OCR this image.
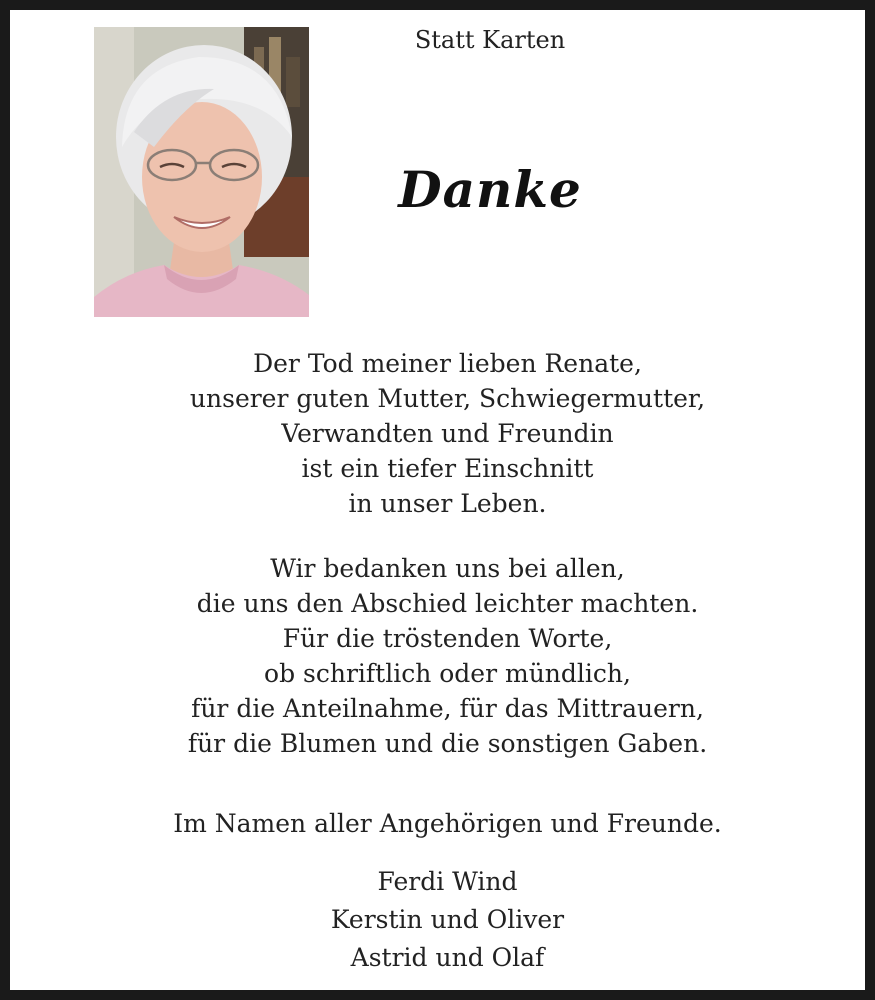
Statt Karten
Danke
Der Tod meiner lieben Renate,
unserer guten Mutter, Schwiegermutter,
Verwandten und Freundin
ist ein tiefer Einschnitt
in unser Leben.
Wir bedanken uns bei allen,
die uns den Abschied leichter machten.
Für die tröstenden Worte,
ob schriftlich oder mündlich,
für die Anteilnahme, für das Mittrauern,
für die Blumen und die sonstigen Gaben.
Im Namen aller Angehörigen und Freunde.
Ferdi Wind
Kerstin und Oliver
Astrid und Olaf
